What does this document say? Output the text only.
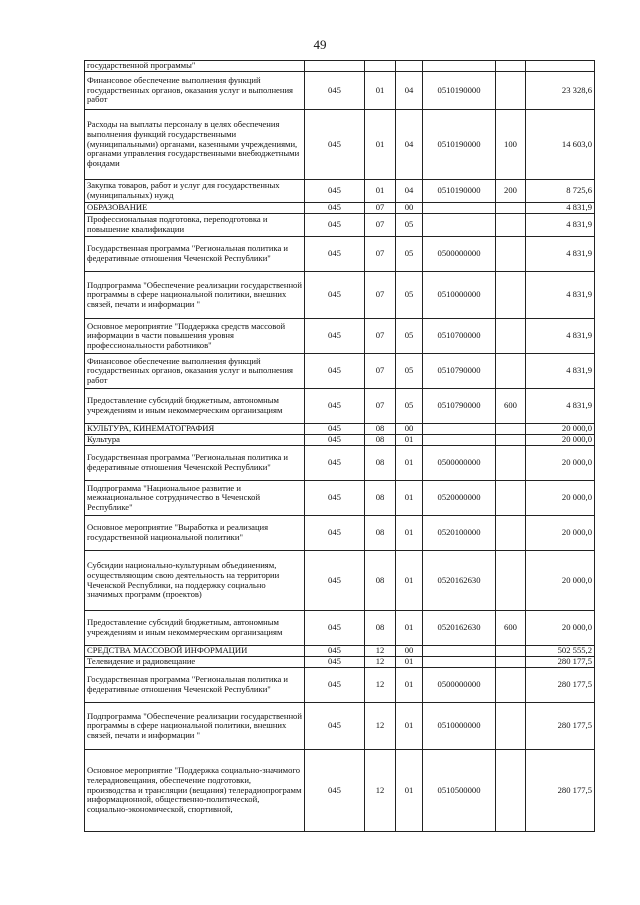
49
государственной программы"						
Финансовое обеспечение выполнения функций государственных органов, оказания услуг и выполнения работ	045	01	04	0510190000		23 328,6
Расходы на выплаты персоналу в целях обеспечения выполнения функций государственными (муниципальными) органами, казенными учреждениями, органами управления государственными внебюджетными фондами	045	01	04	0510190000	100	14 603,0
Закупка товаров, работ и услуг для государственных (муниципальных) нужд	045	01	04	0510190000	200	8 725,6
ОБРАЗОВАНИЕ	045	07	00			4 831,9
Профессиональная подготовка, переподготовка и повышение квалификации	045	07	05			4 831,9
Государственная программа "Региональная политика и федеративные отношения Чеченской Республики"	045	07	05	0500000000		4 831,9
Подпрограмма "Обеспечение реализации государственной программы в сфере национальной политики, внешних связей, печати и информации "	045	07	05	0510000000		4 831,9
Основное мероприятие "Поддержка средств массовой информации в части повышения уровня профессиональности работников"	045	07	05	0510700000		4 831,9
Финансовое обеспечение выполнения функций государственных органов, оказания услуг и выполнения работ	045	07	05	0510790000		4 831,9
Предоставление субсидий бюджетным, автономным учреждениям и иным некоммерческим организациям	045	07	05	0510790000	600	4 831,9
КУЛЬТУРА, КИНЕМАТОГРАФИЯ	045	08	00			20 000,0
Культура	045	08	01			20 000,0
Государственная программа "Региональная политика и федеративные отношения Чеченской Республики"	045	08	01	0500000000		20 000,0
Подпрограмма "Национальное развитие и межнациональное сотрудничество в Чеченской Республике"	045	08	01	0520000000		20 000,0
Основное мероприятие "Выработка и реализация государственной национальной политики"	045	08	01	0520100000		20 000,0
Субсидии национально-культурным объединениям, осуществляющим свою деятельность на территории Чеченской Республики, на поддержку социально значимых программ (проектов)	045	08	01	0520162630		20 000,0
Предоставление субсидий бюджетным, автономным учреждениям и иным некоммерческим организациям	045	08	01	0520162630	600	20 000,0
СРЕДСТВА МАССОВОЙ ИНФОРМАЦИИ	045	12	00			502 555,2
Телевидение и радиовещание	045	12	01			280 177,5
Государственная программа "Региональная политика и федеративные отношения Чеченской Республики"	045	12	01	0500000000		280 177,5
Подпрограмма "Обеспечение реализации государственной программы в сфере национальной политики, внешних связей, печати и информации "	045	12	01	0510000000		280 177,5
Основное мероприятие "Поддержка социально-значимого телерадиовещания, обеспечение подготовки, производства и трансляции (вещания) телерадиопрограмм информационной, общественно-политической, социально-экономической, спортивной,	045	12	01	0510500000		280 177,5
